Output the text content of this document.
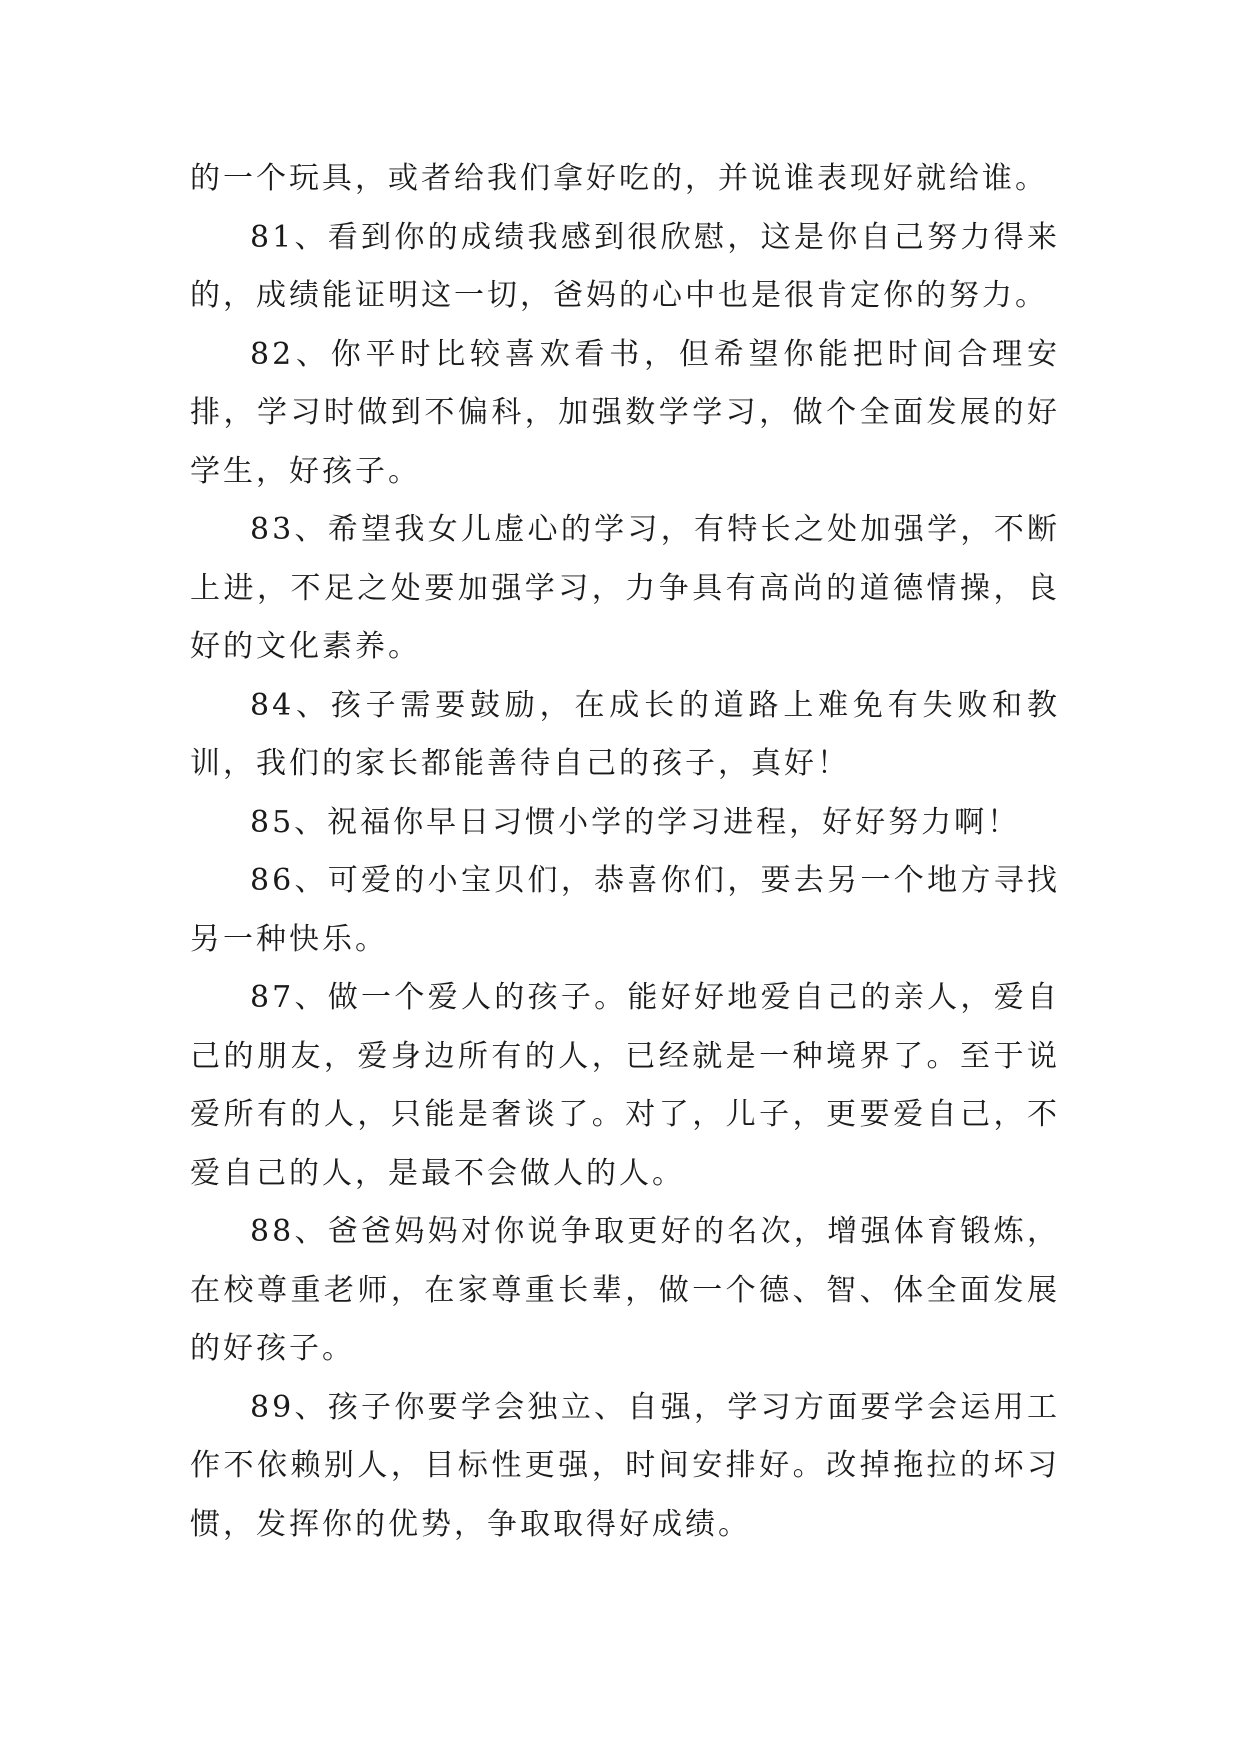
的一个玩具，或者给我们拿好吃的，并说谁表现好就给谁。

81、看到你的成绩我感到很欣慰，这是你自己努力得来的，成绩能证明这一切，爸妈的心中也是很肯定你的努力。

82、你平时比较喜欢看书，但希望你能把时间合理安排，学习时做到不偏科，加强数学学习，做个全面发展的好学生，好孩子。

83、希望我女儿虚心的学习，有特长之处加强学，不断上进，不足之处要加强学习，力争具有高尚的道德情操，良好的文化素养。

84、孩子需要鼓励，在成长的道路上难免有失败和教训，我们的家长都能善待自己的孩子，真好！

85、祝福你早日习惯小学的学习进程，好好努力啊！

86、可爱的小宝贝们，恭喜你们，要去另一个地方寻找另一种快乐。

87、做一个爱人的孩子。能好好地爱自己的亲人，爱自己的朋友，爱身边所有的人，已经就是一种境界了。至于说爱所有的人，只能是奢谈了。对了，儿子，更要爱自己，不爱自己的人，是最不会做人的人。

88、爸爸妈妈对你说争取更好的名次，增强体育锻炼，在校尊重老师，在家尊重长辈，做一个德、智、体全面发展的好孩子。

89、孩子你要学会独立、自强，学习方面要学会运用工作不依赖别人，目标性更强，时间安排好。改掉拖拉的坏习惯，发挥你的优势，争取取得好成绩。
